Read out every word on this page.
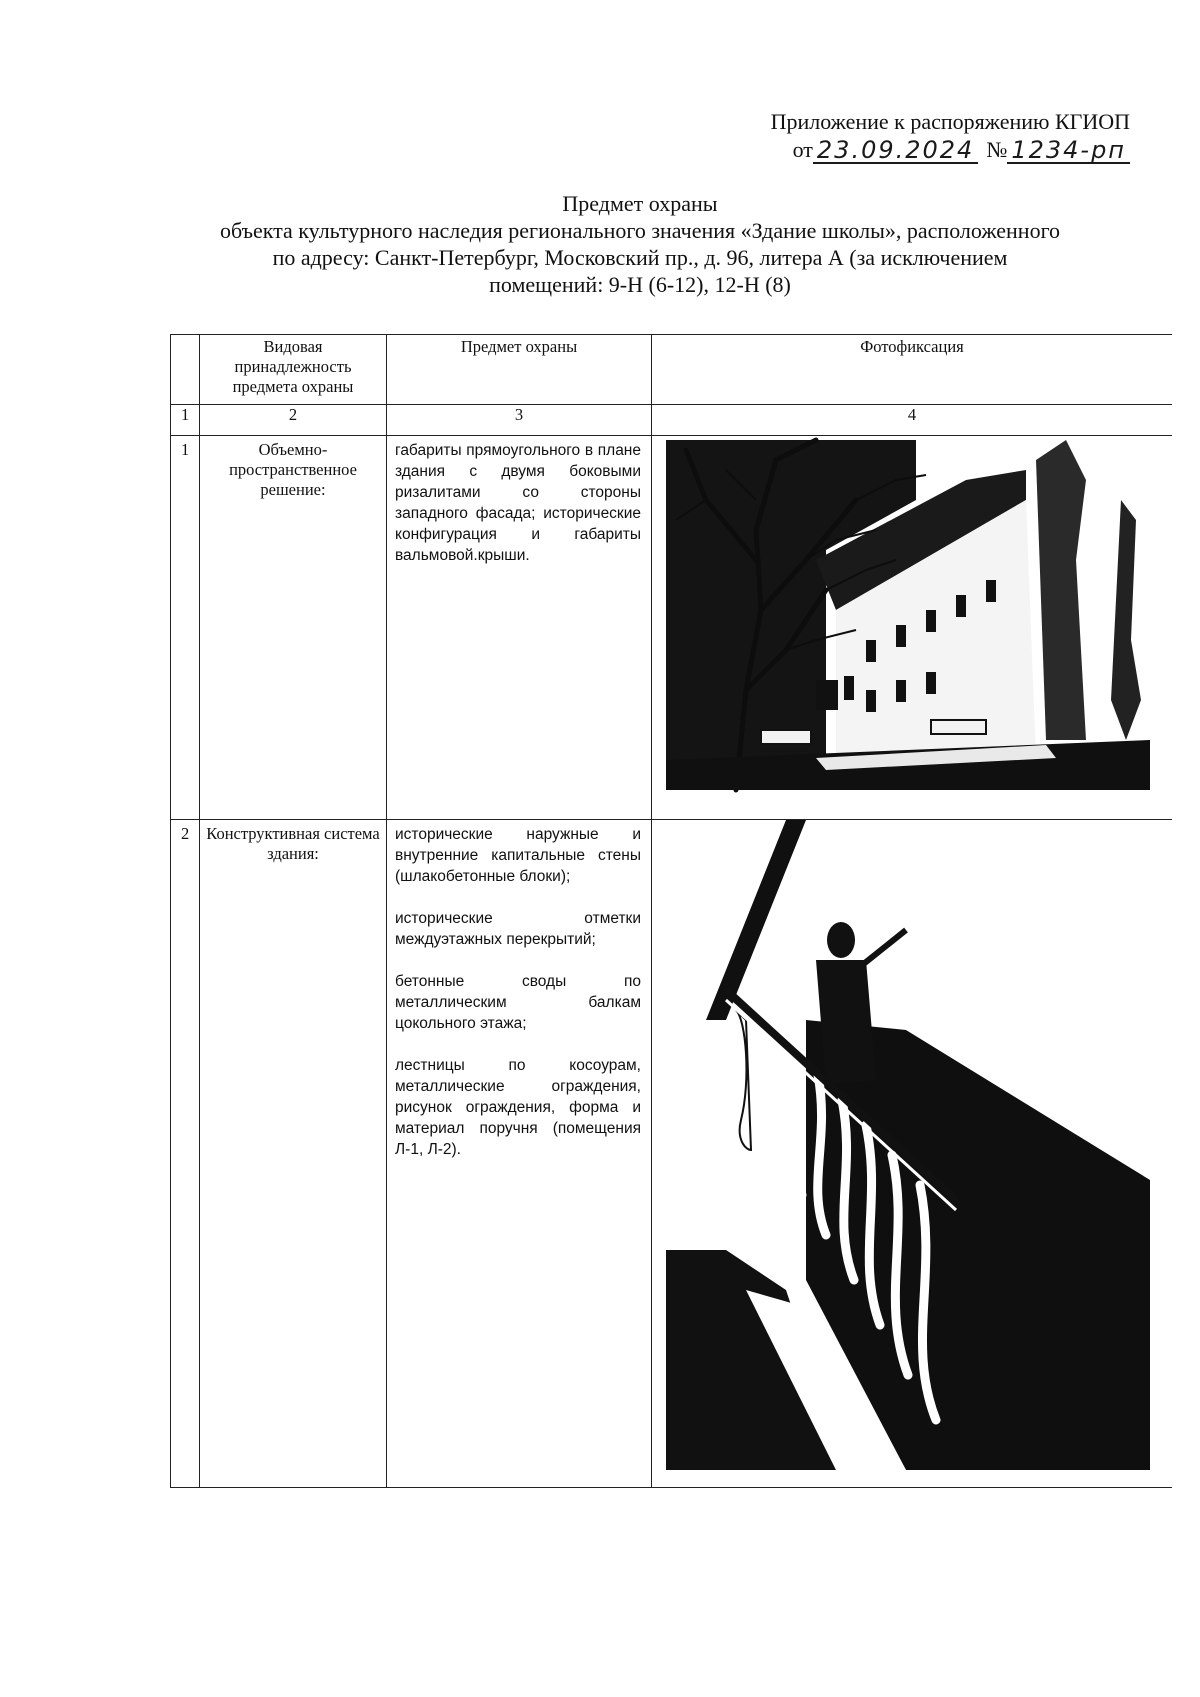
Приложение к распоряжению КГИОП
от 23.09.2024 № 1234-рп

Предмет охраны

объекта культурного наследия регионального значения «Здание школы», расположенного

по адресу: Санкт-Петербург, Московский пр., д. 96, литера А (за исключением

помещений: 9-Н (6-12), 12-Н (8)

	Видовая принадлежность предмета охраны	Предмет охраны	Фотофиксация
1	2	3	4
1	Объемно-пространственное решение:	габариты прямоугольного в плане здания с двумя боковыми ризалитами со стороны западного фасада; исторические конфигурация и габариты вальмовой.крыши.

2	Конструктивная система здания:	исторические наружные и внутренние капитальные стены (шлакобетонные блоки);

исторические отметки междуэтажных перекрытий;

бетонные своды по металлическим балкам цокольного этажа;

лестницы по косоурам, металлические ограждения, рисунок ограждения, форма и материал поручня (помещения Л-1, Л-2).
